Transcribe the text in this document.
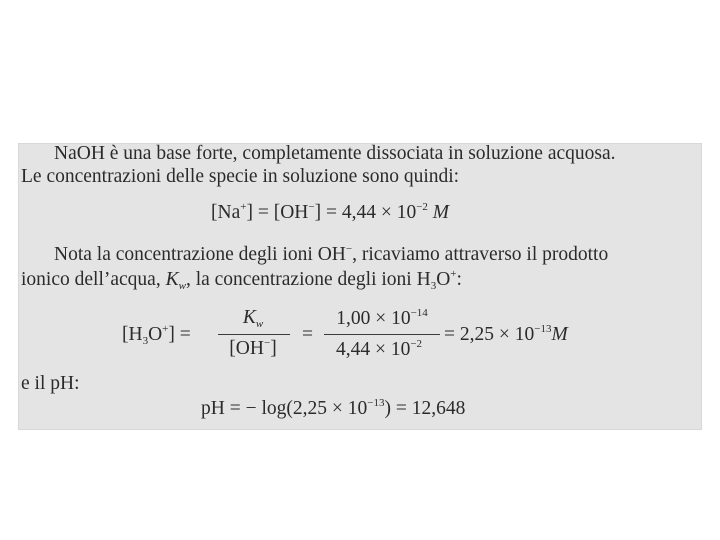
NaOH è una base forte, completamente dissociata in soluzione acquosa.
Le concentrazioni delle specie in soluzione sono quindi:
$[Na^+] = [OH^-] = 4,44 \times 10^{-2}$ M
Nota la concentrazione degli ioni OH−, ricaviamo attraverso il prodotto
ionico dell’acqua, $K_w$, la concentrazione degli ioni $H_3O^+$:
$[H_3O^+]$ =
$K_w$
[OH−]
=
$1,00 \times 10^{-14}$
$4,44 \times 10^{-2}$	= $2,25 \times 10^{-13}M$
e il pH:
pH = − $\log(2,25 \times 10^{-13}) = 12,648$
